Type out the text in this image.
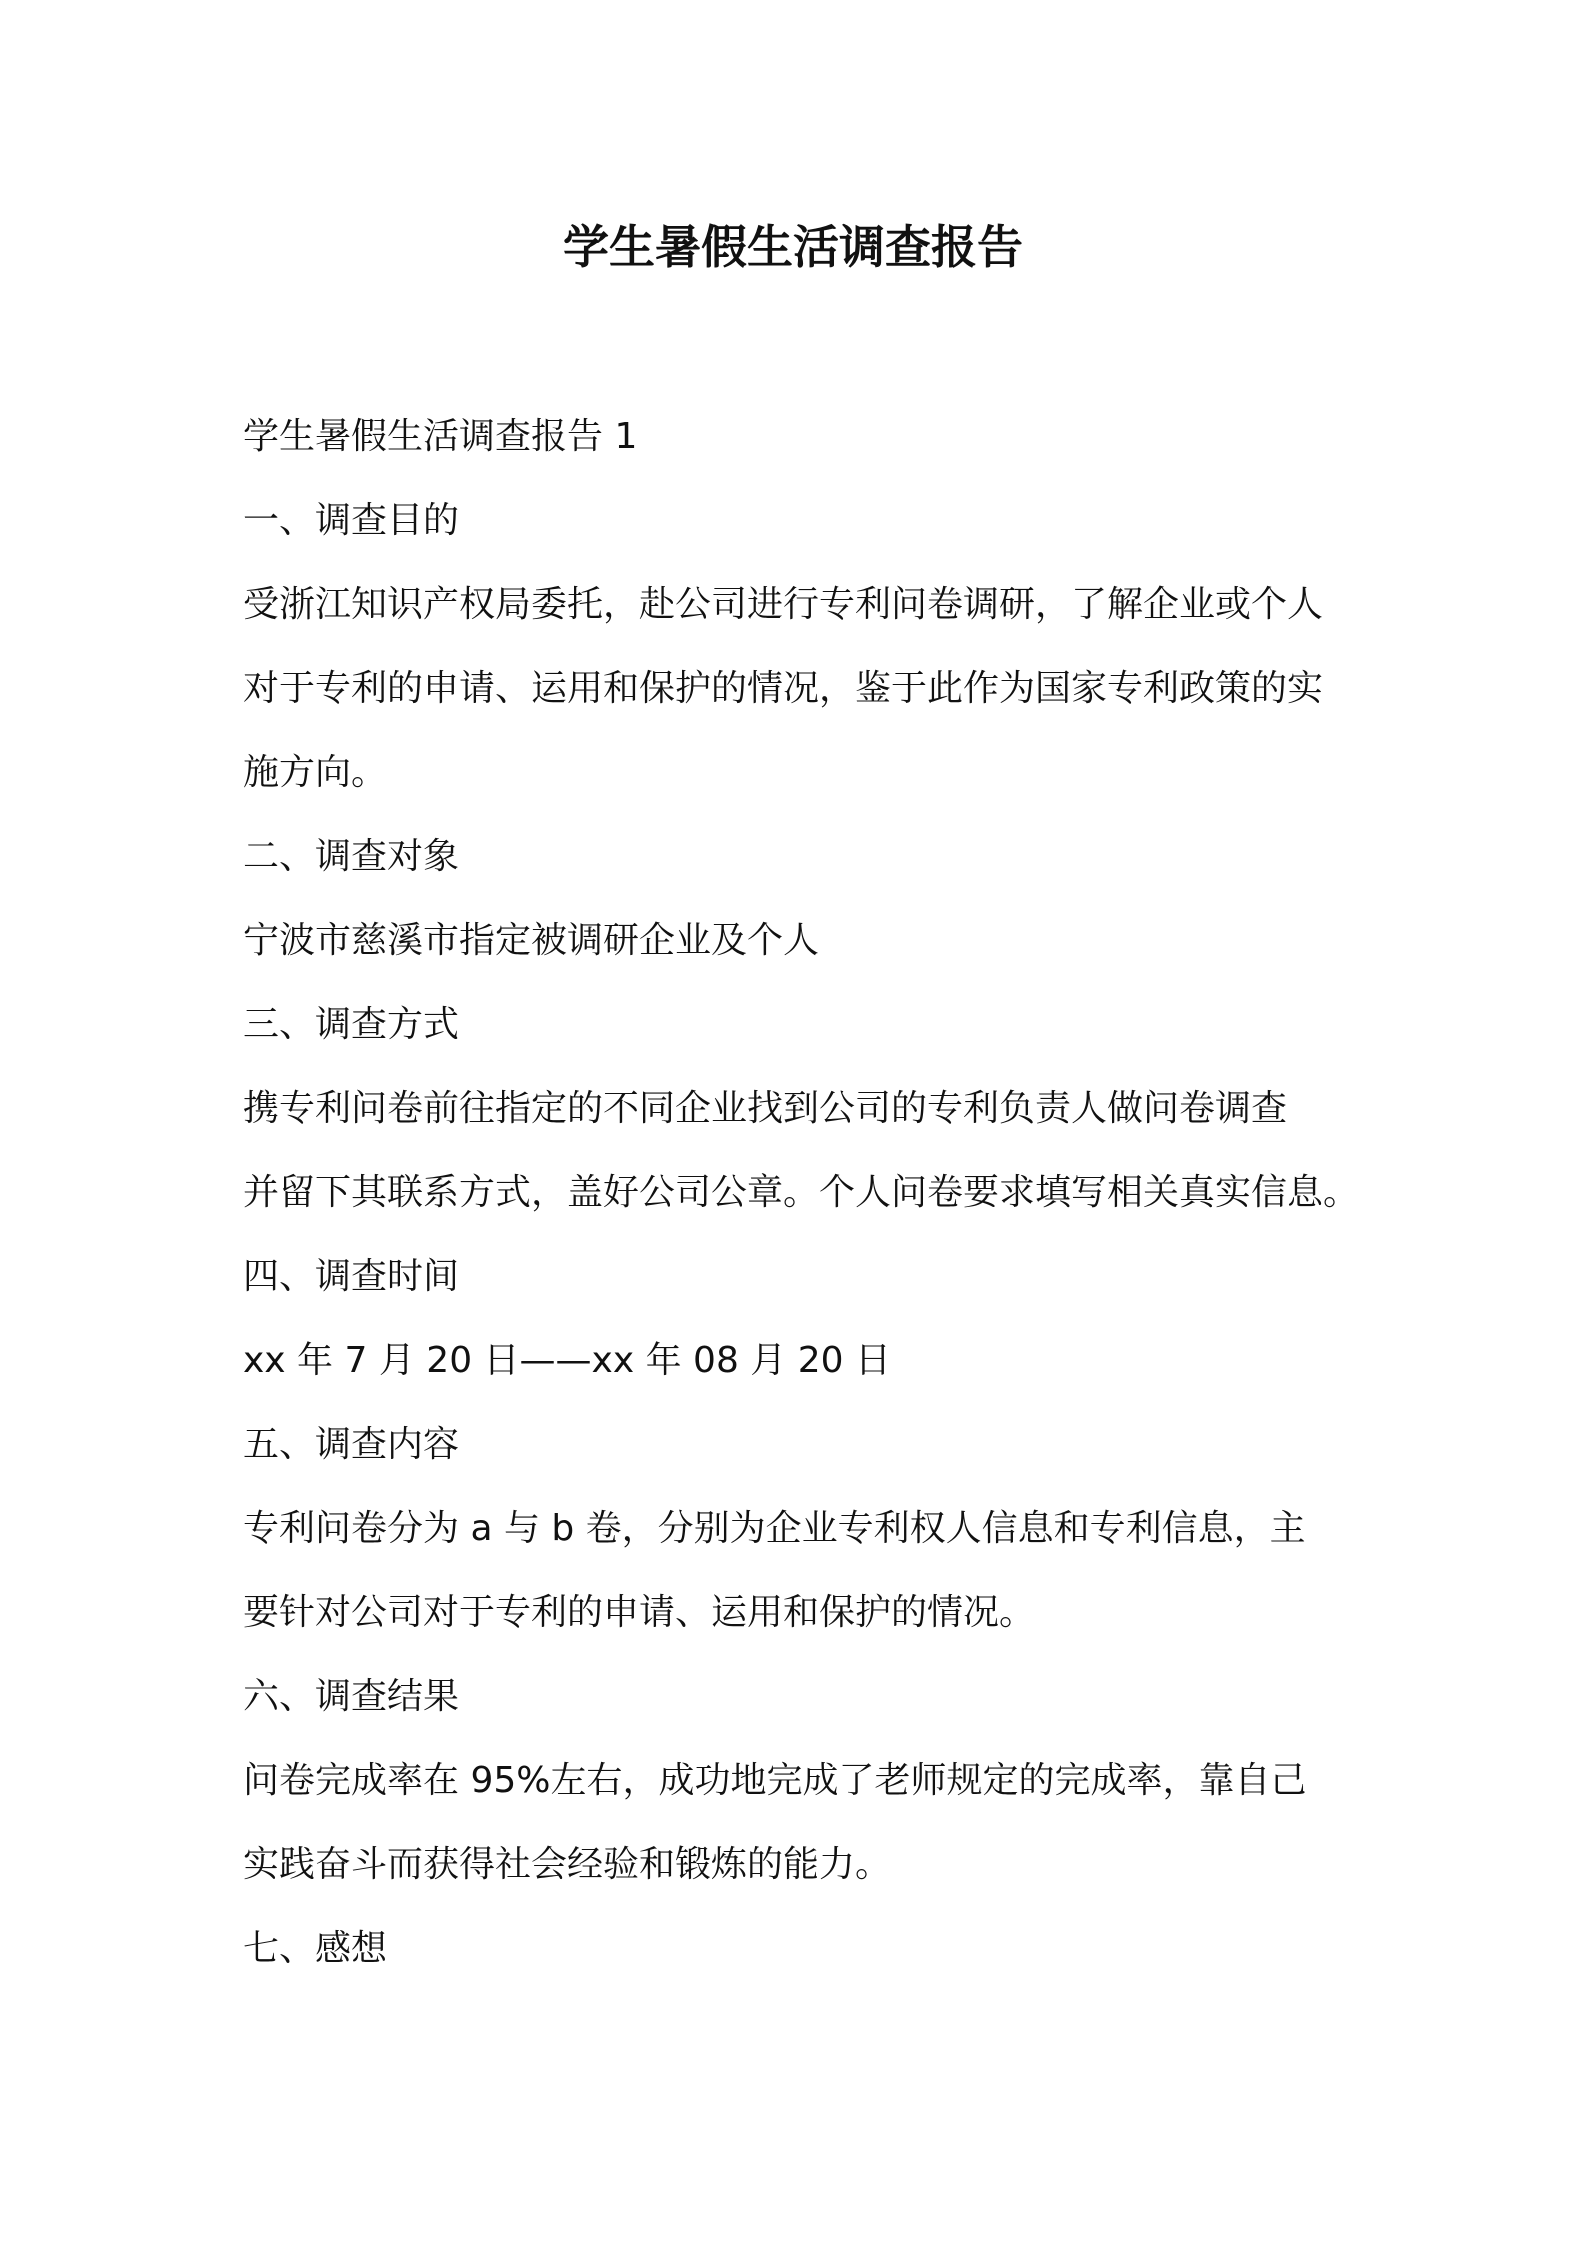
学生暑假生活调查报告

学生暑假生活调查报告 1

一、调查目的

受浙江知识产权局委托，赴公司进行专利问卷调研，了解企业或个人

对于专利的申请、运用和保护的情况，鉴于此作为国家专利政策的实

施方向。

二、调查对象

宁波市慈溪市指定被调研企业及个人

三、调查方式

携专利问卷前往指定的不同企业找到公司的专利负责人做问卷调查

并留下其联系方式，盖好公司公章。个人问卷要求填写相关真实信息。

四、调查时间

xx 年 7 月 20 日——xx 年 08 月 20 日

五、调查内容

专利问卷分为 a 与 b 卷，分别为企业专利权人信息和专利信息，主

要针对公司对于专利的申请、运用和保护的情况。

六、调查结果

问卷完成率在 95%左右，成功地完成了老师规定的完成率，靠自己

实践奋斗而获得社会经验和锻炼的能力。

七、感想
